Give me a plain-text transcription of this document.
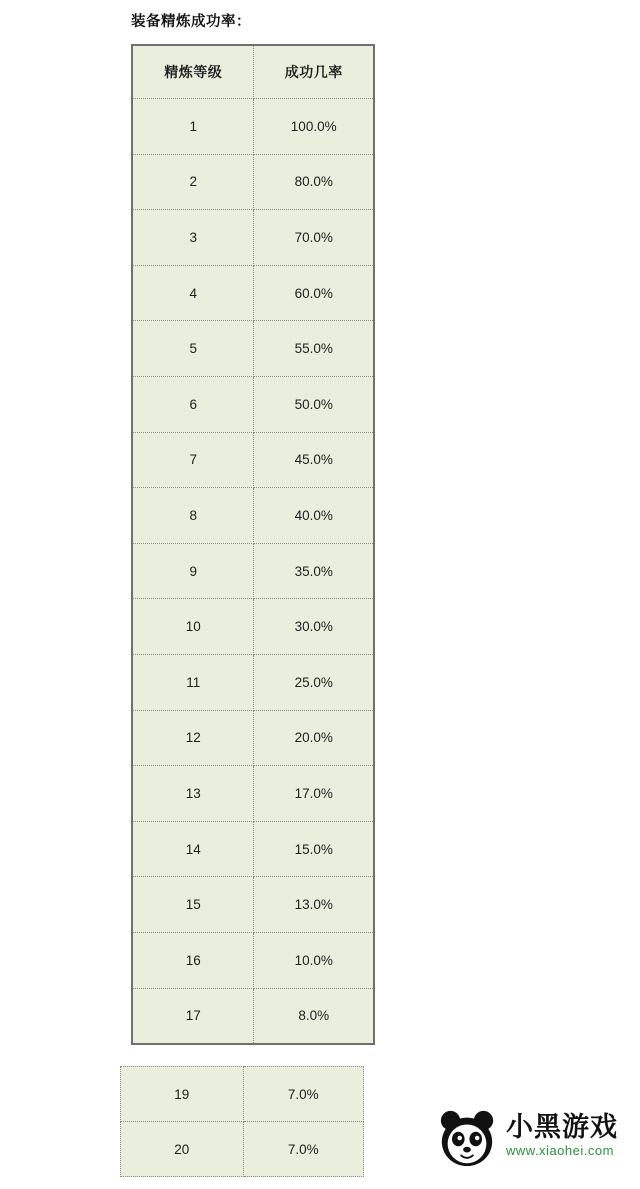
装备精炼成功率：
精炼等级	成功几率
1	100.0%
2	80.0%
3	70.0%
4	60.0%
5	55.0%
6	50.0%
7	45.0%
8	40.0%
9	35.0%
10	30.0%
11	25.0%
12	20.0%
13	17.0%
14	15.0%
15	13.0%
16	10.0%
17	8.0%
19	7.0%
20	7.0%
小黑游戏
www.xiaohei.com
